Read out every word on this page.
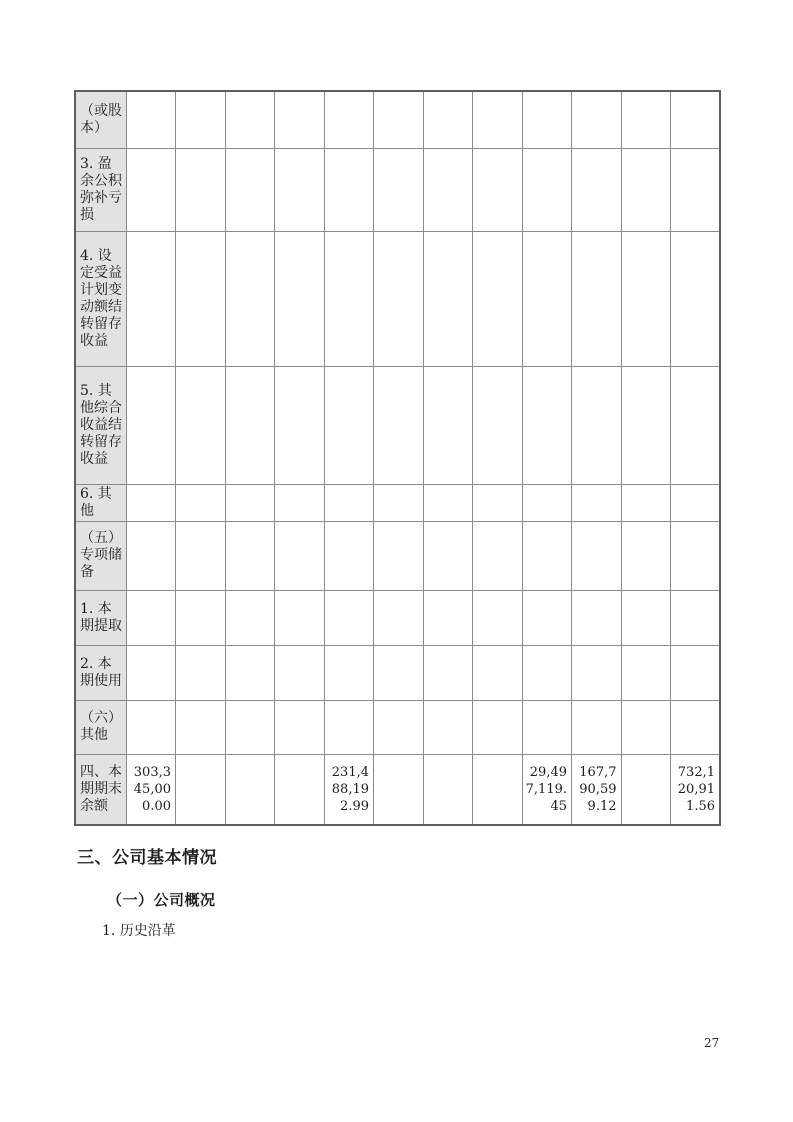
（或股本）												
3. 盈余公积弥补亏损												
4. 设定受益计划变动额结转留存收益												
5. 其他综合收益结转留存收益												
6. 其他												
（五）专项储备												
1. 本期提取												
2. 本期使用												
（六）其他												
四、本期期末余额	303,345,000.00				231,488,192.99				29,497,119.45	167,790,599.12		732,120,911.56
三、公司基本情况
（一）公司概况
1. 历史沿革
27
